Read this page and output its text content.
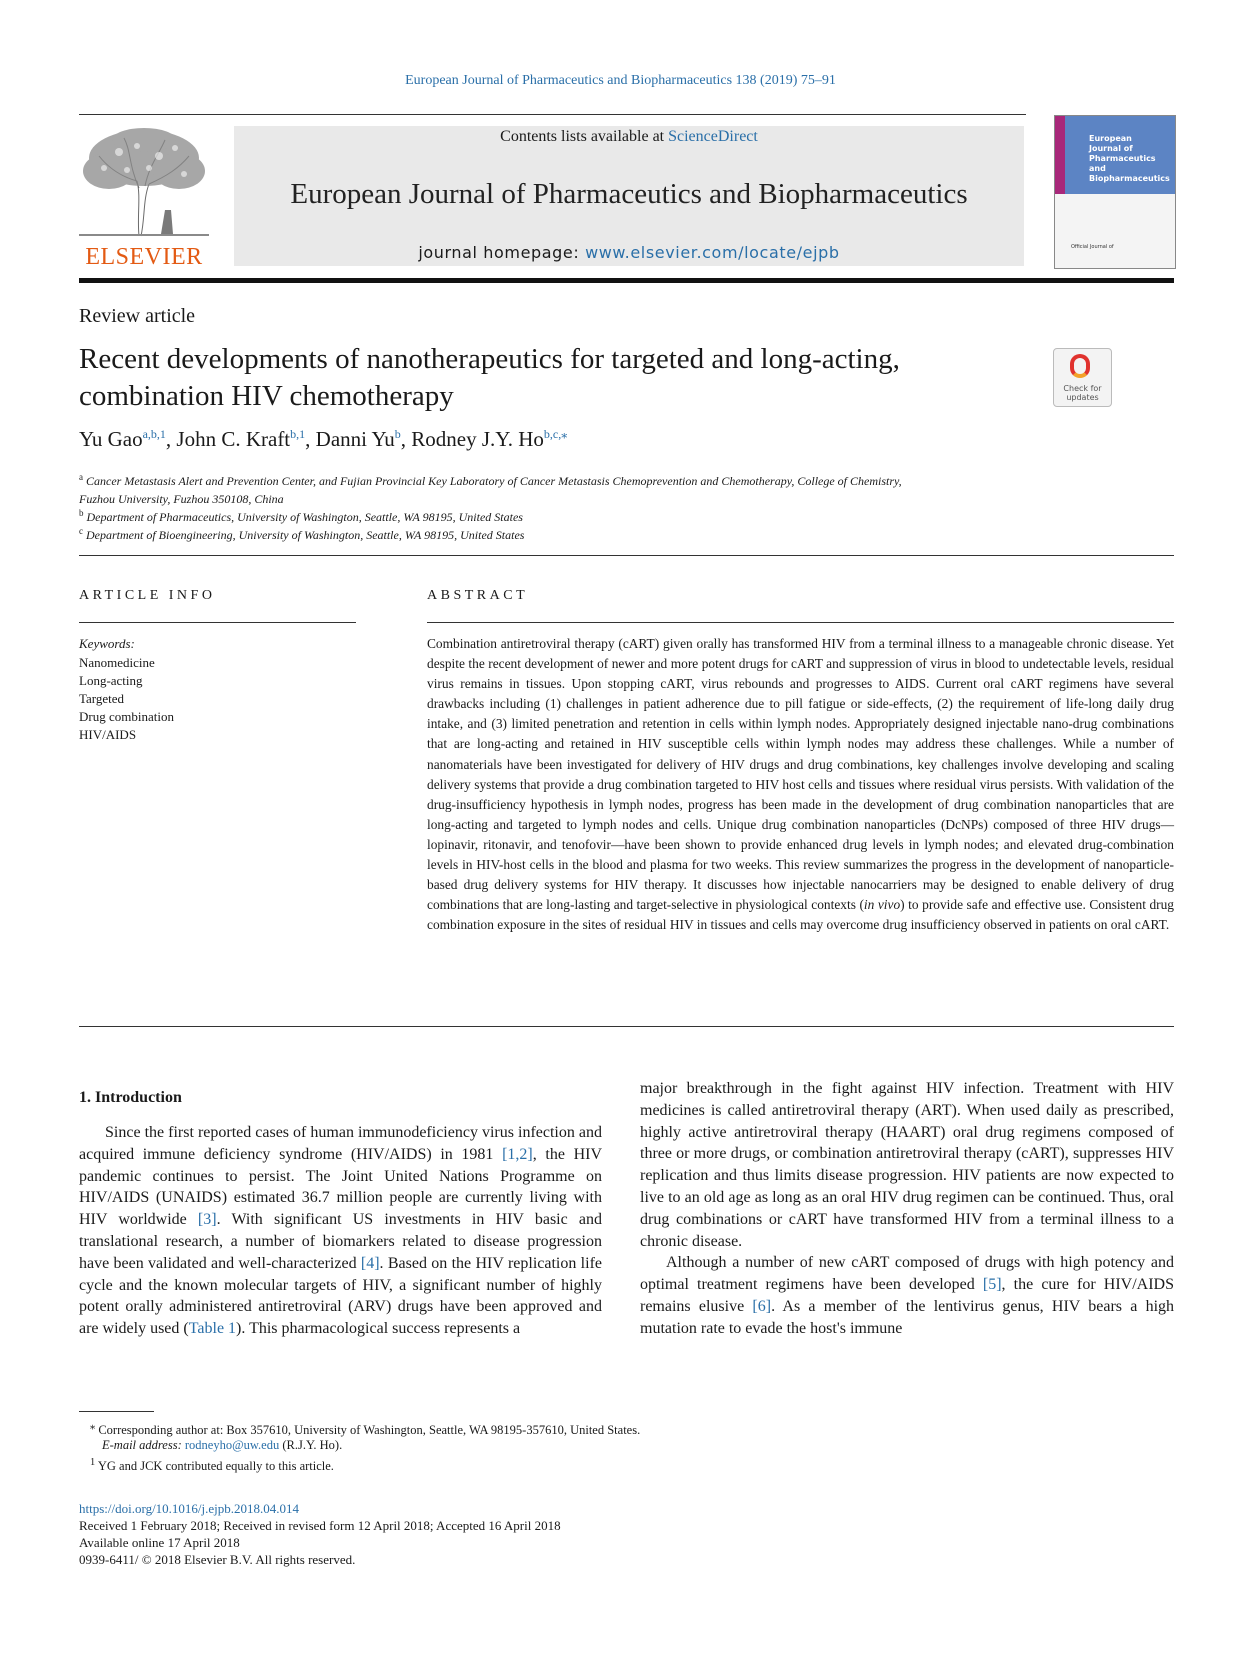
European Journal of Pharmaceutics and Biopharmaceutics 138 (2019) 75–91
ELSEVIER
Contents lists available at ScienceDirect
European Journal of Pharmaceutics and Biopharmaceutics
journal homepage: www.elsevier.com/locate/ejpb
European
Journal of
Pharmaceutics and
Biopharmaceutics
Official Journal of
Review article
Recent developments of nanotherapeutics for targeted and long-acting, combination HIV chemotherapy	Check for
updates
Yu Gao$^{a,b,1}$, John C. Kraft$^{b,1}$, Danni Yu$^b$, Rodney J.Y. $Ho^{b,c,⁎}$
$^a$ Cancer Metastasis Alert and Prevention Center, and Fujian Provincial Key Laboratory of Cancer Metastasis Chemoprevention and Chemotherapy, College of Chemistry,
Fuzhou University, Fuzhou 350108, China
$^b$ Department of Pharmaceutics, University of Washington, Seattle, WA 98195, United States
$^c$ Department of Bioengineering, University of Washington, Seattle, WA 98195, United States
ARTICLE INFO
Keywords:
Nanomedicine
Long-acting
Targeted
Drug combination
HIV/AIDS
ABSTRACT
Combination antiretroviral therapy (cART) given orally has transformed HIV from a terminal illness to a manageable chronic disease. Yet despite the recent development of newer and more potent drugs for cART and suppression of virus in blood to undetectable levels, residual virus remains in tissues. Upon stopping cART, virus rebounds and progresses to AIDS. Current oral cART regimens have several drawbacks including (1) challenges in patient adherence due to pill fatigue or side-effects, (2) the requirement of life-long daily drug intake, and (3) limited penetration and retention in cells within lymph nodes. Appropriately designed injectable nano-drug combinations that are long-acting and retained in HIV susceptible cells within lymph nodes may address these challenges. While a number of nanomaterials have been investigated for delivery of HIV drugs and drug combinations, key challenges involve developing and scaling delivery systems that provide a drug combination targeted to HIV host cells and tissues where residual virus persists. With validation of the drug-insufficiency hypothesis in lymph nodes, progress has been made in the development of drug combination nanoparticles that are long-acting and targeted to lymph nodes and cells. Unique drug combination nanoparticles (DcNPs) composed of three HIV drugs—lopinavir, ritonavir, and tenofovir—have been shown to provide enhanced drug levels in lymph nodes; and elevated drug-combination levels in HIV-host cells in the blood and plasma for two weeks. This review summarizes the progress in the development of nanoparticle-based drug delivery systems for HIV therapy. It discusses how injectable nanocarriers may be designed to enable delivery of drug combinations that are long-lasting and target-selective in physiological contexts (in vivo) to provide safe and effective use. Consistent drug combination exposure in the sites of residual HIV in tissues and cells may overcome drug insufficiency observed in patients on oral cART.
1. Introduction

Since the first reported cases of human immunodeficiency virus infection and acquired immune deficiency syndrome (HIV/AIDS) in 1981 [1,2], the HIV pandemic continues to persist. The Joint United Nations Programme on HIV/AIDS (UNAIDS) estimated 36.7 million people are currently living with HIV worldwide [3]. With significant US investments in HIV basic and translational research, a number of biomarkers related to disease progression have been validated and well-characterized [4]. Based on the HIV replication life cycle and the known molecular targets of HIV, a significant number of highly potent orally administered antiretroviral (ARV) drugs have been approved and are widely used (Table 1). This pharmacological success represents a

major breakthrough in the fight against HIV infection. Treatment with HIV medicines is called antiretroviral therapy (ART). When used daily as prescribed, highly active antiretroviral therapy (HAART) oral drug regimens composed of three or more drugs, or combination antiretroviral therapy (cART), suppresses HIV replication and thus limits disease progression. HIV patients are now expected to live to an old age as long as an oral HIV drug regimen can be continued. Thus, oral drug combinations or cART have transformed HIV from a terminal illness to a chronic disease.

Although a number of new cART composed of drugs with high potency and optimal treatment regimens have been developed [5], the cure for HIV/AIDS remains elusive [6]. As a member of the lentivirus genus, HIV bears a high mutation rate to evade the host's immune

⁎ Corresponding author at: Box 357610, University of Washington, Seattle, WA 98195-357610, United States.
E-mail address: rodneyho@uw.edu (R.J.Y. Ho).
$^1$ YG and JCK contributed equally to this article.
https://doi.org/10.1016/j.ejpb.2018.04.014
Received 1 February 2018; Received in revised form 12 April 2018; Accepted 16 April 2018
Available online 17 April 2018
0939-6411/ © 2018 Elsevier B.V. All rights reserved.
